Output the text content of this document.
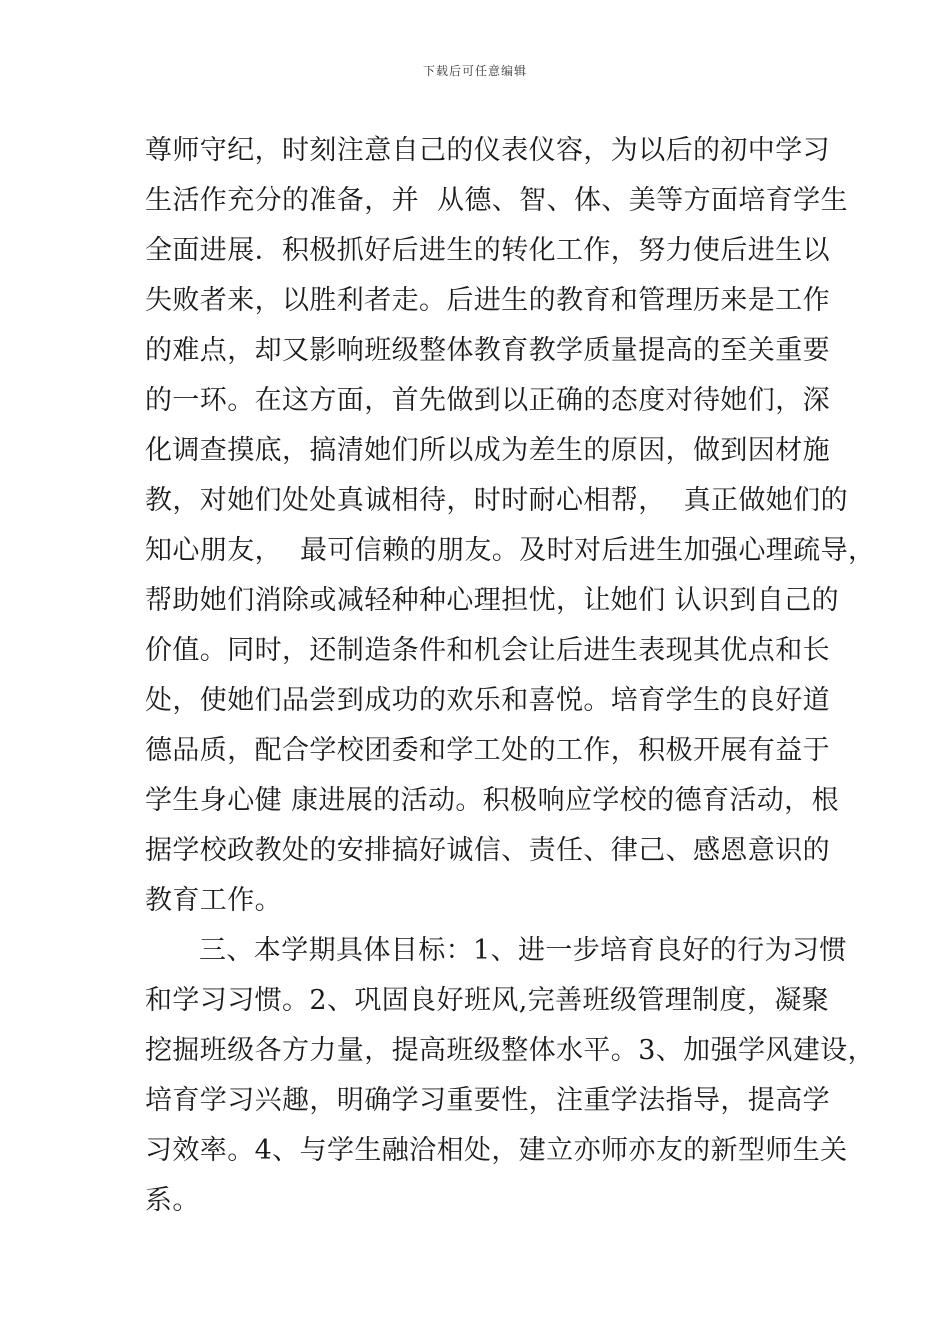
下载后可任意编辑
尊师守纪，时刻注意自己的仪表仪容，为以后的初中学习
生活作充分的准备，并  从德、智、体、美等方面培育学生
全面进展．积极抓好后进生的转化工作，努力使后进生以
失败者来，以胜利者走。后进生的教育和管理历来是工作
的难点，却又影响班级整体教育教学质量提高的至关重要
的一环。在这方面，首先做到以正确的态度对待她们，深
化调查摸底，搞清她们所以成为差生的原因，做到因材施
教，对她们处处真诚相待，时时耐心相帮，  真正做她们的
知心朋友，  最可信赖的朋友。及时对后进生加强心理疏导，
帮助她们消除或减轻种种心理担忧，让她们 认识到自己的
价值。同时，还制造条件和机会让后进生表现其优点和长
处，使她们品尝到成功的欢乐和喜悦。培育学生的良好道
德品质，配合学校团委和学工处的工作，积极开展有益于
学生身心健 康进展的活动。积极响应学校的德育活动，根
据学校政教处的安排搞好诚信、责任、律己、感恩意识的
教育工作。
三、本学期具体目标：1、进一步培育良好的行为习惯
和学习习惯。2、巩固良好班风,完善班级管理制度，凝聚
挖掘班级各方力量，提高班级整体水平。3、加强学风建设，
培育学习兴趣，明确学习重要性，注重学法指导，提高学
习效率。4、与学生融洽相处，建立亦师亦友的新型师生关
系。
